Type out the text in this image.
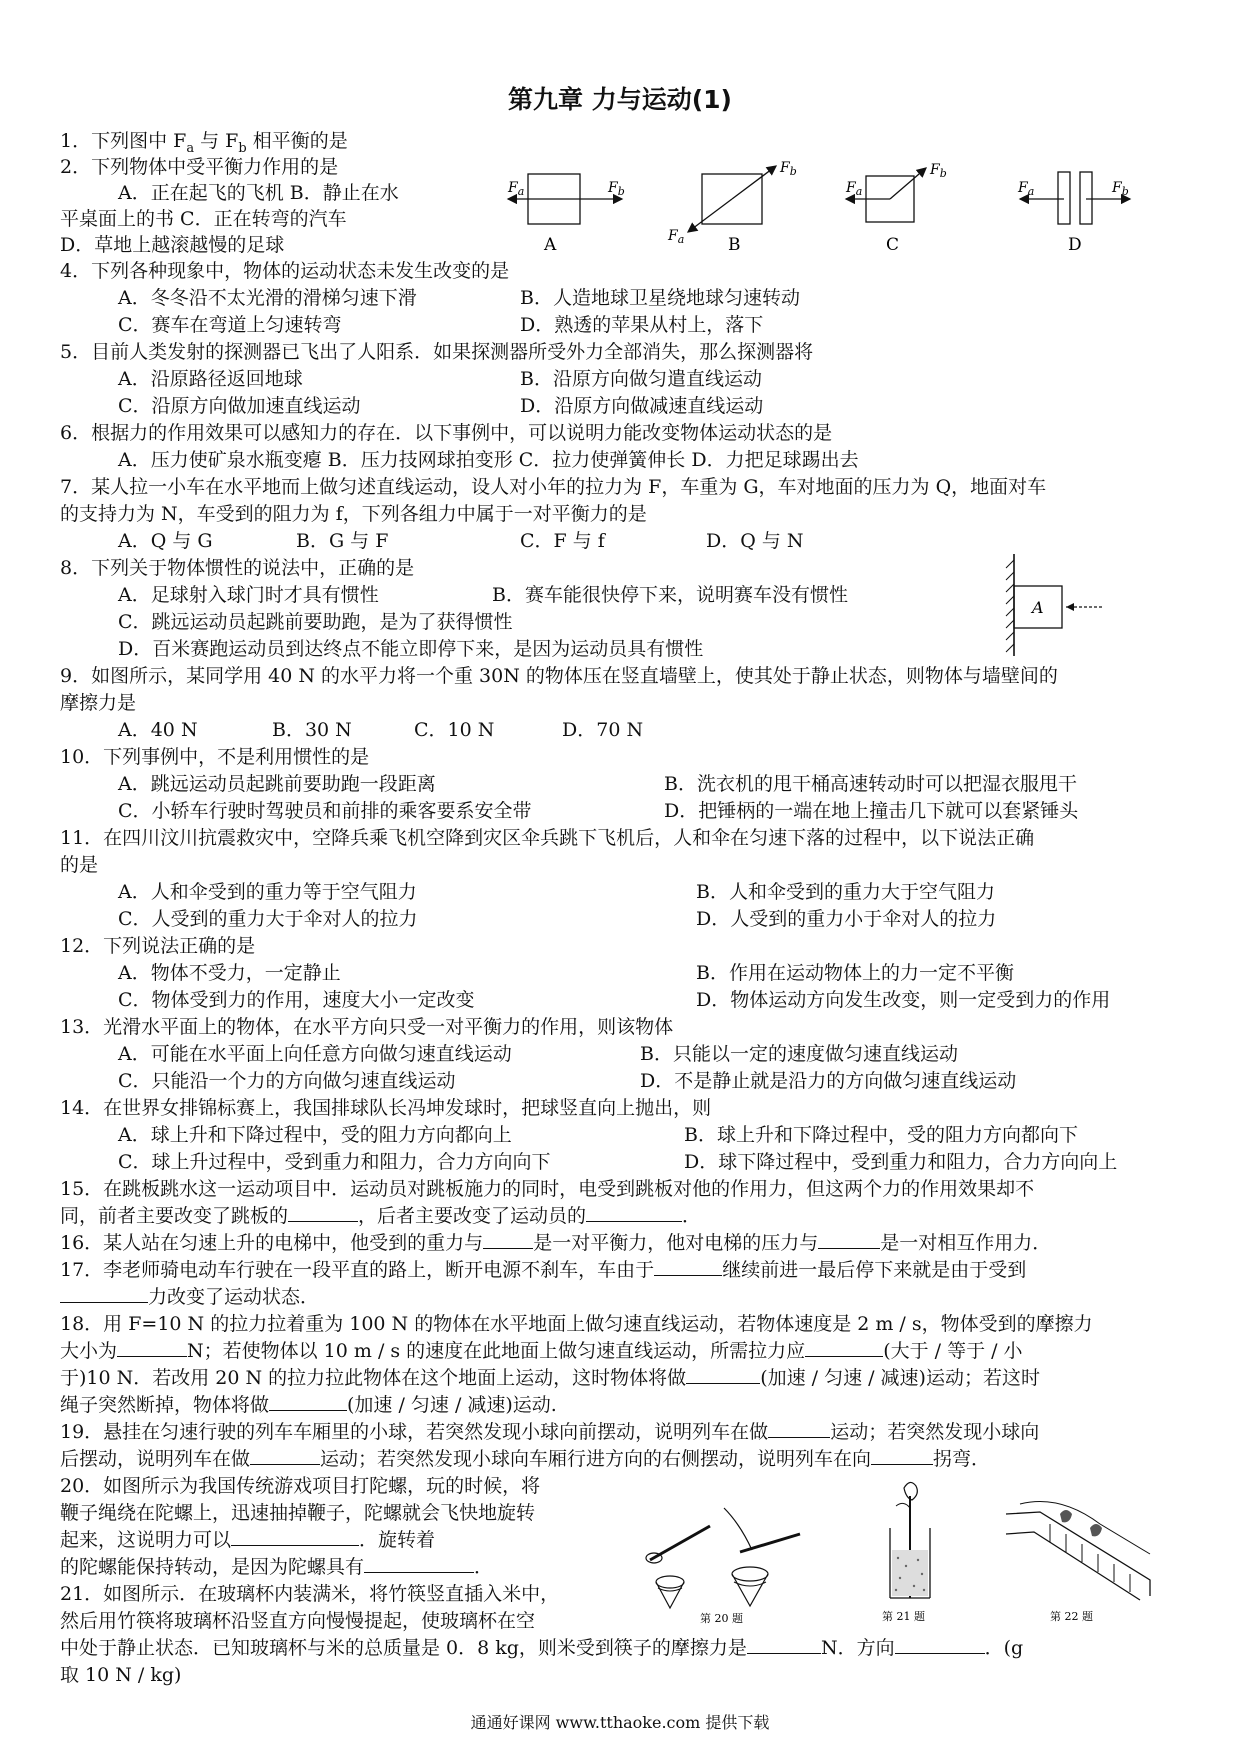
第九章 力与运动(1)
1．下列图中 $F_a$ 与 $F_b$ 相平衡的是
2．下列物体中受平衡力作用的是
A．正在起飞的飞机 B．静止在水
平桌面上的书 C．正在转弯的汽车
D．草地上越滚越慢的足球
$F_a$	$F_b$
A
$F_b$
$F_a$	B
$F_a$
$F_b$
C
$F_a$	$F_b$
D
4．下列各种现象中，物体的运动状态未发生改变的是
A．冬冬沿不太光滑的滑梯匀速下滑	B．人造地球卫星绕地球匀速转动
C．赛车在弯道上匀速转弯	D．熟透的苹果从村上，落下
5．目前人类发射的探测器已飞出了人阳系．如果探测器所受外力全部消失，那么探测器将
A．沿原路径返回地球	B．沿原方向做匀遣直线运动
C．沿原方向做加速直线运动	D．沿原方向做减速直线运动
6．根据力的作用效果可以感知力的存在．以下事例中，可以说明力能改变物体运动状态的是
A．压力使矿泉水瓶变瘪 B．压力技网球拍变形 C．拉力使弹簧伸长 D．力把足球踢出去
7．某人拉一小车在水平地而上做匀述直线运动，设人对小年的拉力为 F，车重为 G，车对地面的压力为 Q，地面对车
的支持力为 N，车受到的阻力为 f，下列各组力中属于一对平衡力的是
A．Q 与 G	B．G 与 F	C．F 与 f	D．Q 与 N
8．下列关于物体惯性的说法中，正确的是
A．足球射入球门时才具有惯性	B．赛车能很快停下来，说明赛车没有惯性
C．跳远运动员起跳前要助跑，是为了获得惯性
D．百米赛跑运动员到达终点不能立即停下来，是因为运动员具有惯性
A
9．如图所示，某同学用 40 N 的水平力将一个重 30N 的物体压在竖直墙壁上，使其处于静止状态，则物体与墙壁间的
摩擦力是
A．40 N	B．30 N	C．10 N	D．70 N
10．下列事例中，不是利用惯性的是
A．跳远运动员起跳前要助跑一段距离	B．洗衣机的甩干桶高速转动时可以把湿衣服甩干
C．小轿车行驶时驾驶员和前排的乘客要系安全带	D．把锤柄的一端在地上撞击几下就可以套紧锤头
11．在四川汶川抗震救灾中，空降兵乘飞机空降到灾区伞兵跳下飞机后，人和伞在匀速下落的过程中，以下说法正确
的是
A．人和伞受到的重力等于空气阻力	B．人和伞受到的重力大于空气阻力
C．人受到的重力大于伞对人的拉力	D．人受到的重力小于伞对人的拉力
12．下列说法正确的是
A．物体不受力，一定静止	B．作用在运动物体上的力一定不平衡
C．物体受到力的作用，速度大小一定改变	D．物体运动方向发生改变，则一定受到力的作用
13．光滑水平面上的物体，在水平方向只受一对平衡力的作用，则该物体
A．可能在水平面上向任意方向做匀速直线运动	B．只能以一定的速度做匀速直线运动
C．只能沿一个力的方向做匀速直线运动	D．不是静止就是沿力的方向做匀速直线运动
14．在世界女排锦标赛上，我国排球队长冯坤发球时，把球竖直向上抛出，则
A．球上升和下降过程中，受的阻力方向都向上	B．球上升和下降过程中，受的阻力方向都向下
C．球上升过程中，受到重力和阻力，合力方向向下	D．球下降过程中，受到重力和阻力，合力方向向上
15．在跳板跳水这一运动项目中．运动员对跳板施力的同时，电受到跳板对他的作用力，但这两个力的作用效果却不
同，前者主要改变了跳板的	，后者主要改变了运动员的	．
16．某人站在匀速上升的电梯中，他受到的重力与	是一对平衡力，他对电梯的压力与	是一对相互作用力．
17．李老师骑电动车行驶在一段平直的路上，断开电源不刹车，车由于	继续前进一最后停下来就是由于受到
力改变了运动状态．
18．用 F=10 N 的拉力拉着重为 100 N 的物体在水平地面上做匀速直线运动，若物体速度是 2 m / s，物体受到的摩擦力
大小为	N；若使物体以 10 m / s 的速度在此地面上做匀速直线运动，所需拉力应	(大于 / 等于 / 小
于)10 N．若改用 20 N 的拉力拉此物体在这个地面上运动，这时物体将做	(加速 / 匀速 / 减速)运动；若这时
绳子突然断掉，物体将做	(加速 / 匀速 / 减速)运动.
19．悬挂在匀速行驶的列车车厢里的小球，若突然发现小球向前摆动，说明列车在做	运动；若突然发现小球向
后摆动，说明列车在做	运动；若突然发现小球向车厢行进方向的右侧摆动，说明列车在向	拐弯．
20．如图所示为我国传统游戏项目打陀螺，玩的时候，将
鞭子绳绕在陀螺上，迅速抽掉鞭子，陀螺就会飞快地旋转
起来，这说明力可以	．旋转着
的陀螺能保持转动，是因为陀螺具有	．
21．如图所示．在玻璃杯内装满米，将竹筷竖直插入米中，
然后用竹筷将玻璃杯沿竖直方向慢慢提起，使玻璃杯在空
中处于静止状态．已知玻璃杯与米的总质量是 0．8 kg，则米受到筷子的摩擦力是	N．方向	．(g
取 10 N / kg)
第 20 题	第 21 题	第 22 题
通通好课网 www.tthaoke.com 提供下载
